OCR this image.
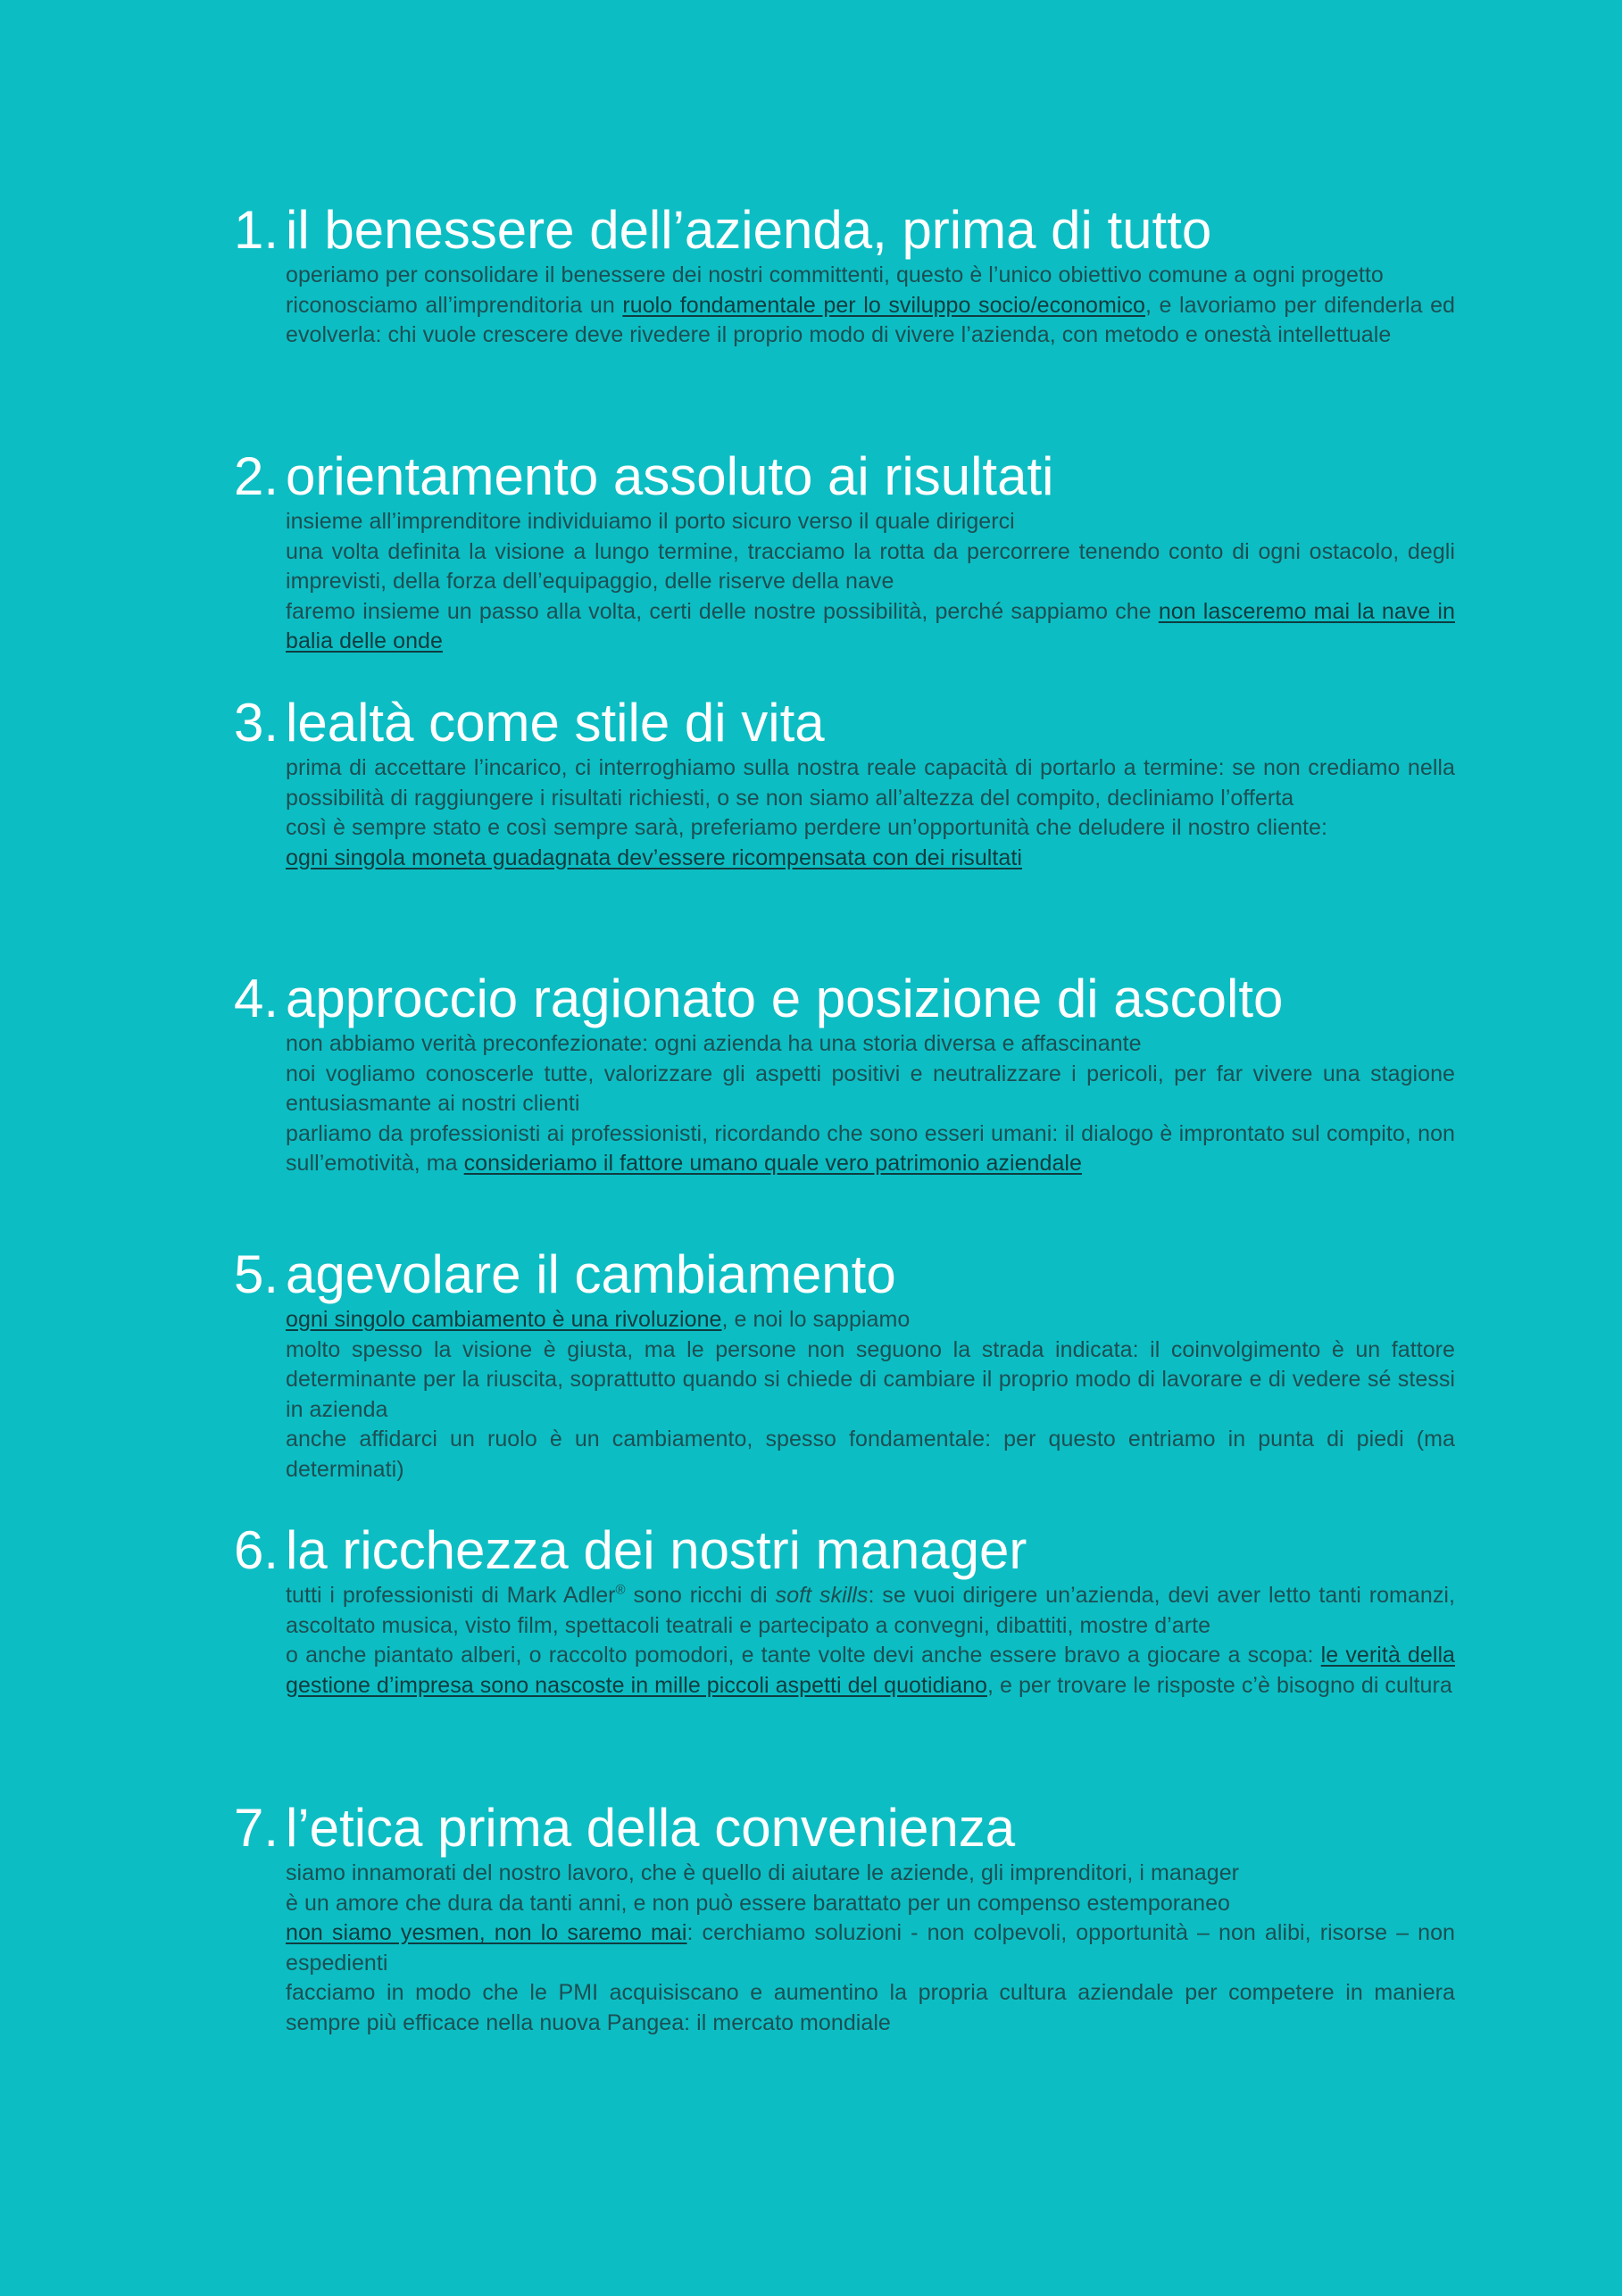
1. il benessere dell’azienda, prima di tutto

operiamo per consolidare il benessere dei nostri committenti, questo è l’unico obiettivo comune a ogni progetto

riconosciamo all’imprenditoria un ruolo fondamentale per lo sviluppo socio/economico, e lavoriamo per difenderla ed evolverla: chi vuole crescere deve rivedere il proprio modo di vivere l’azienda, con metodo e onestà intellettuale

2. orientamento assoluto ai risultati

insieme all’imprenditore individuiamo il porto sicuro verso il quale dirigerci

una volta definita la visione a lungo termine, tracciamo la rotta da percorrere tenendo conto di ogni ostacolo, degli imprevisti, della forza dell’equipaggio, delle riserve della nave

faremo insieme un passo alla volta, certi delle nostre possibilità, perché sappiamo che non lasceremo mai la nave in balia delle onde

3. lealtà come stile di vita

prima di accettare l’incarico, ci interroghiamo sulla nostra reale capacità di portarlo a termine: se non crediamo nella possibilità di raggiungere i risultati richiesti, o se non siamo all’altezza del compito, decliniamo l’offerta

così è sempre stato e così sempre sarà, preferiamo perdere un’opportunità che deludere il nostro cliente:

ogni singola moneta guadagnata dev’essere ricompensata con dei risultati

4. approccio ragionato e posizione di ascolto

non abbiamo verità preconfezionate: ogni azienda ha una storia diversa e affascinante

noi vogliamo conoscerle tutte, valorizzare gli aspetti positivi e neutralizzare i pericoli, per far vivere una stagione entusiasmante ai nostri clienti

parliamo da professionisti ai professionisti, ricordando che sono esseri umani: il dialogo è improntato sul compito, non sull’emotività, ma consideriamo il fattore umano quale vero patrimonio aziendale

5. agevolare il cambiamento

ogni singolo cambiamento è una rivoluzione, e noi lo sappiamo

molto spesso la visione è giusta, ma le persone non seguono la strada indicata: il coinvolgimento è un fattore determinante per la riuscita, soprattutto quando si chiede di cambiare il proprio modo di lavorare e di vedere sé stessi in azienda

anche affidarci un ruolo è un cambiamento, spesso fondamentale: per questo entriamo in punta di piedi (ma determinati)

6. la ricchezza dei nostri manager

tutti i professionisti di Mark Adler® sono ricchi di soft skills: se vuoi dirigere un’azienda, devi aver letto tanti romanzi, ascoltato musica, visto film, spettacoli teatrali e partecipato a convegni, dibattiti, mostre d’arte

o anche piantato alberi, o raccolto pomodori, e tante volte devi anche essere bravo a giocare a scopa: le verità della gestione d’impresa sono nascoste in mille piccoli aspetti del quotidiano, e per trovare le risposte c’è bisogno di cultura

7. l’etica prima della convenienza

siamo innamorati del nostro lavoro, che è quello di aiutare le aziende, gli imprenditori, i manager

è un amore che dura da tanti anni, e non può essere barattato per un compenso estemporaneo

non siamo yesmen, non lo saremo mai: cerchiamo soluzioni - non colpevoli, opportunità – non alibi, risorse – non espedienti

facciamo in modo che le PMI acquisiscano e aumentino la propria cultura aziendale per competere in maniera sempre più efficace nella nuova Pangea: il mercato mondiale
